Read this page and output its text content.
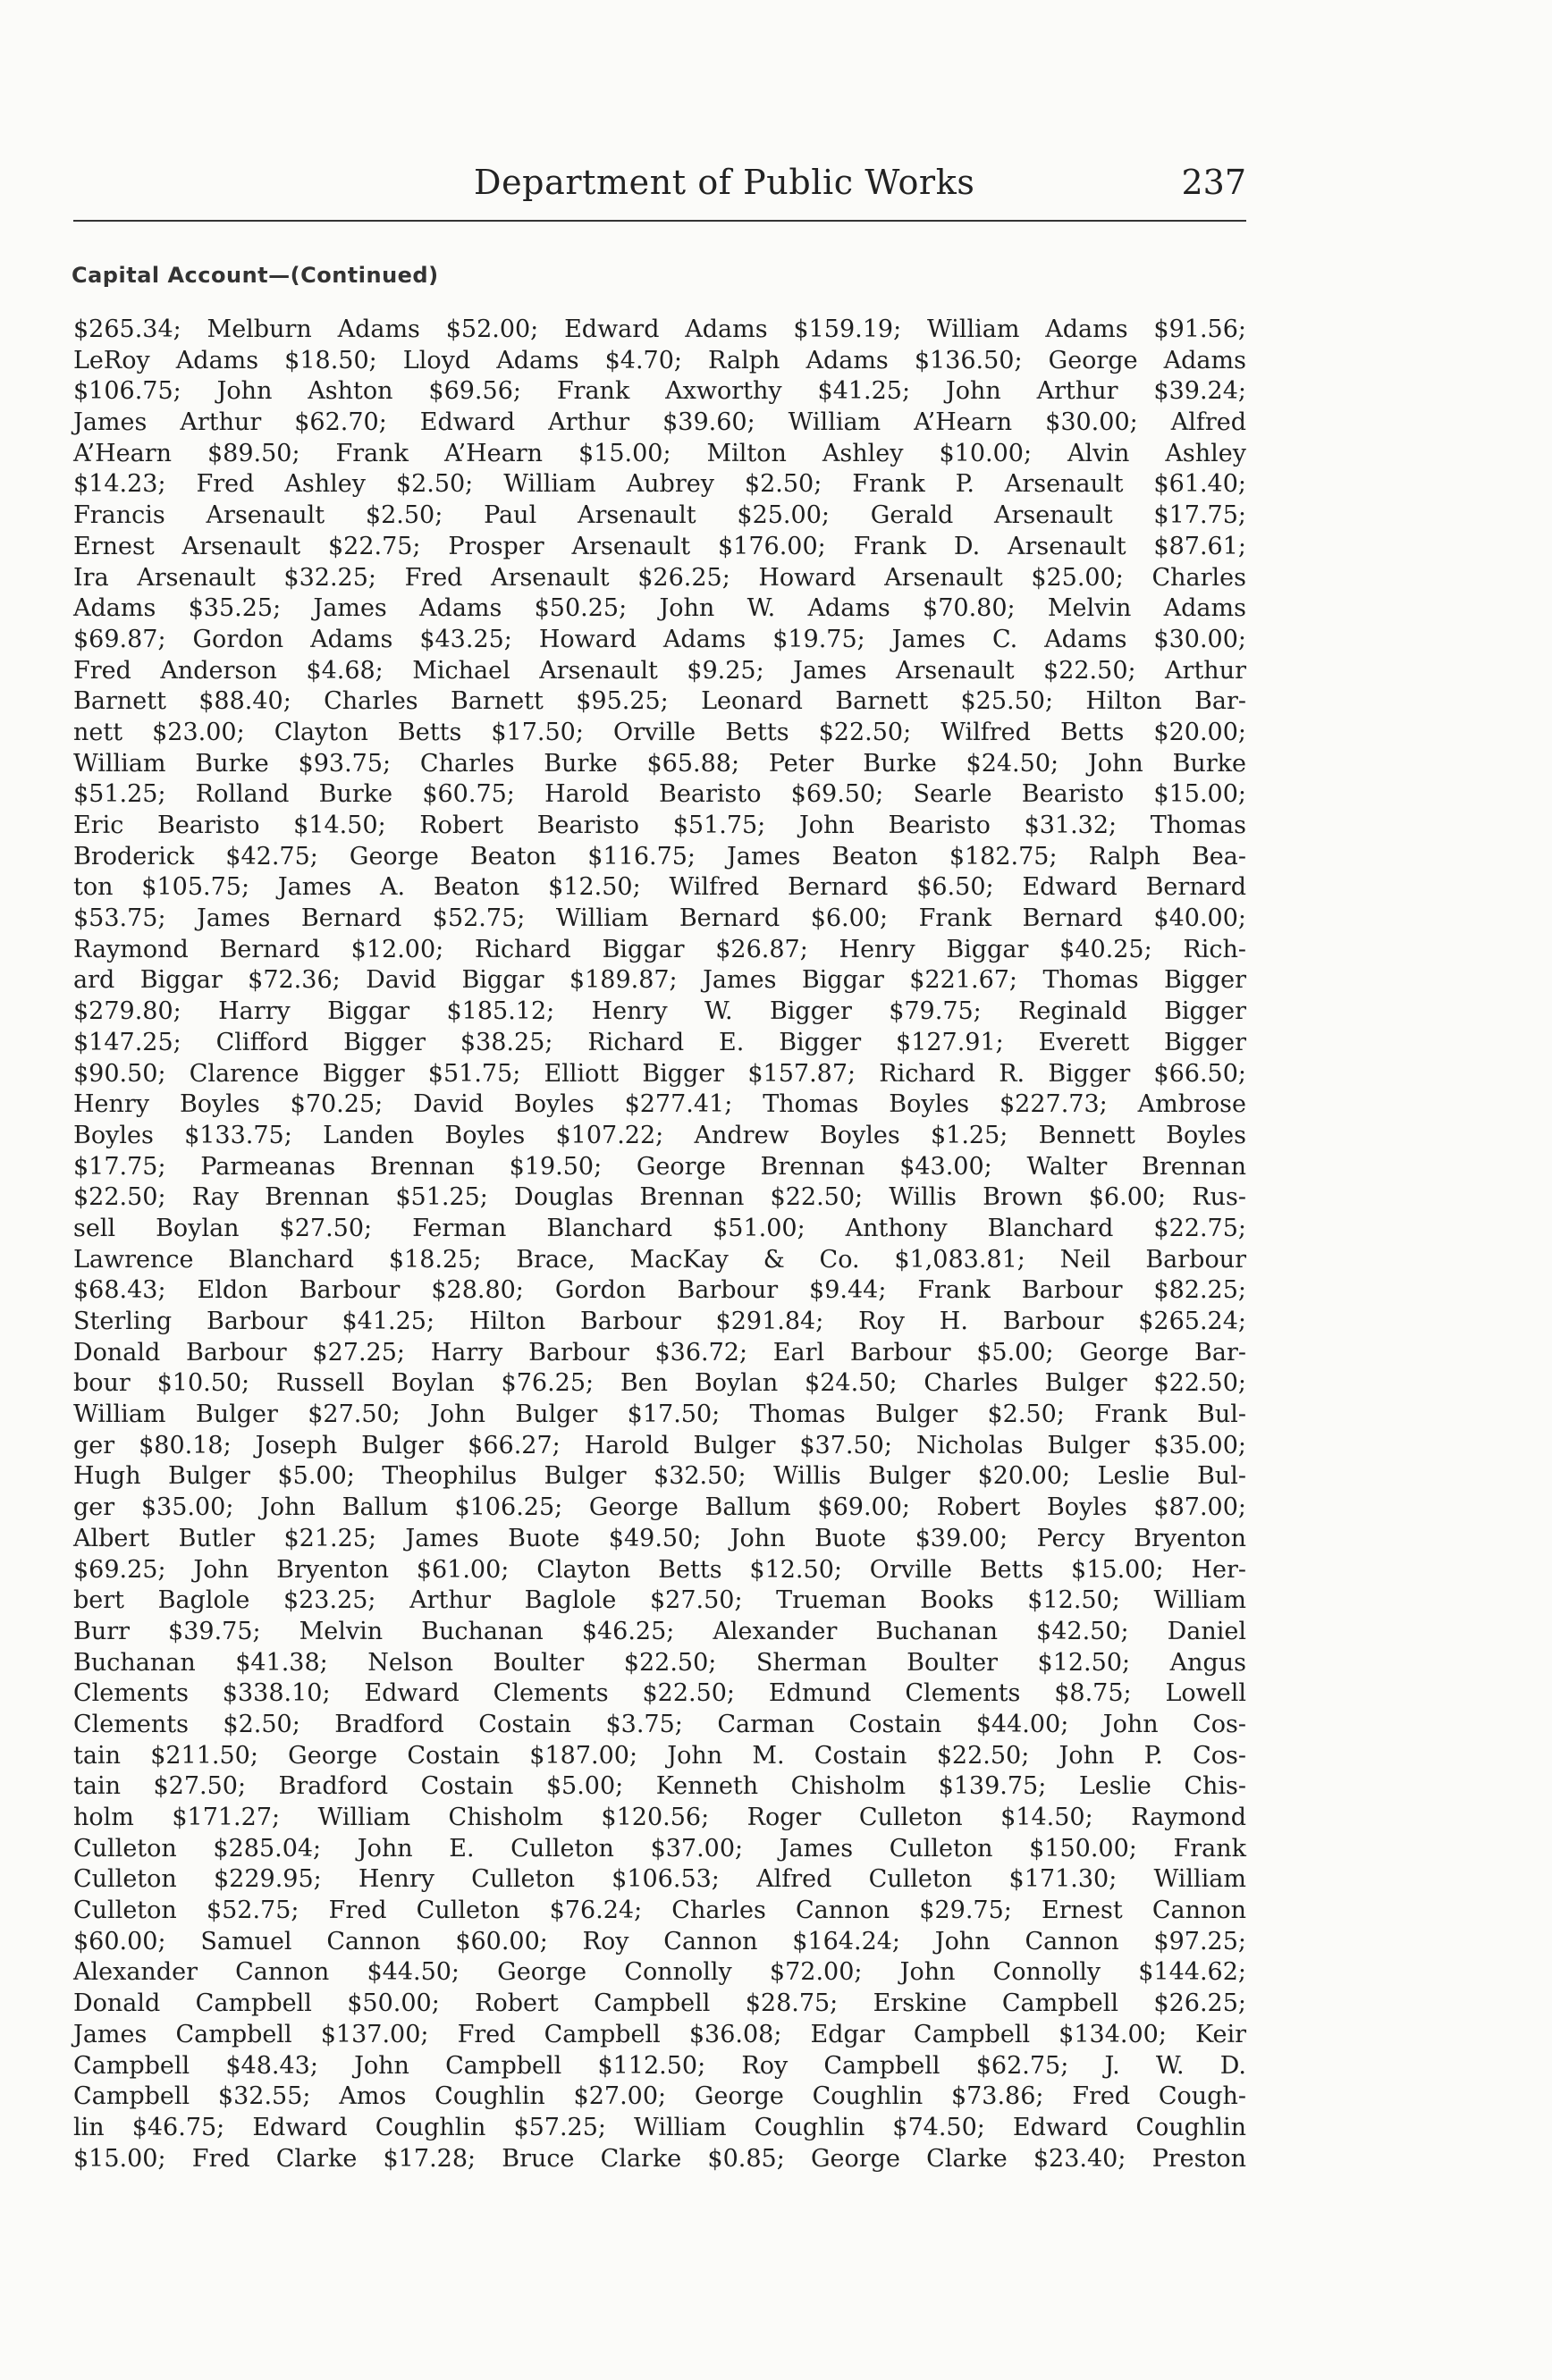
Department of Public Works	237
Capital Account—(Continued)
$265.34; Melburn Adams $52.00; Edward Adams $159.19; William Adams $91.56;
LeRoy Adams $18.50; Lloyd Adams $4.70; Ralph Adams $136.50; George Adams
$106.75; John Ashton $69.56; Frank Axworthy $41.25; John Arthur $39.24;
James Arthur $62.70; Edward Arthur $39.60; William A’Hearn $30.00; Alfred
A’Hearn $89.50; Frank A’Hearn $15.00; Milton Ashley $10.00; Alvin Ashley
$14.23; Fred Ashley $2.50; William Aubrey $2.50; Frank P. Arsenault $61.40;
Francis Arsenault $2.50; Paul Arsenault $25.00; Gerald Arsenault $17.75;
Ernest Arsenault $22.75; Prosper Arsenault $176.00; Frank D. Arsenault $87.61;
Ira Arsenault $32.25; Fred Arsenault $26.25; Howard Arsenault $25.00; Charles
Adams $35.25; James Adams $50.25; John W. Adams $70.80; Melvin Adams
$69.87; Gordon Adams $43.25; Howard Adams $19.75; James C. Adams $30.00;
Fred Anderson $4.68; Michael Arsenault $9.25; James Arsenault $22.50; Arthur
Barnett $88.40; Charles Barnett $95.25; Leonard Barnett $25.50; Hilton Bar-
nett $23.00; Clayton Betts $17.50; Orville Betts $22.50; Wilfred Betts $20.00;
William Burke $93.75; Charles Burke $65.88; Peter Burke $24.50; John Burke
$51.25; Rolland Burke $60.75; Harold Bearisto $69.50; Searle Bearisto $15.00;
Eric Bearisto $14.50; Robert Bearisto $51.75; John Bearisto $31.32; Thomas
Broderick $42.75; George Beaton $116.75; James Beaton $182.75; Ralph Bea-
ton $105.75; James A. Beaton $12.50; Wilfred Bernard $6.50; Edward Bernard
$53.75; James Bernard $52.75; William Bernard $6.00; Frank Bernard $40.00;
Raymond Bernard $12.00; Richard Biggar $26.87; Henry Biggar $40.25; Rich-
ard Biggar $72.36; David Biggar $189.87; James Biggar $221.67; Thomas Bigger
$279.80; Harry Biggar $185.12; Henry W. Bigger $79.75; Reginald Bigger
$147.25; Clifford Bigger $38.25; Richard E. Bigger $127.91; Everett Bigger
$90.50; Clarence Bigger $51.75; Elliott Bigger $157.87; Richard R. Bigger $66.50;
Henry Boyles $70.25; David Boyles $277.41; Thomas Boyles $227.73; Ambrose
Boyles $133.75; Landen Boyles $107.22; Andrew Boyles $1.25; Bennett Boyles
$17.75; Parmeanas Brennan $19.50; George Brennan $43.00; Walter Brennan
$22.50; Ray Brennan $51.25; Douglas Brennan $22.50; Willis Brown $6.00; Rus-
sell Boylan $27.50; Ferman Blanchard $51.00; Anthony Blanchard $22.75;
Lawrence Blanchard $18.25; Brace, MacKay & Co. $1,083.81; Neil Barbour
$68.43; Eldon Barbour $28.80; Gordon Barbour $9.44; Frank Barbour $82.25;
Sterling Barbour $41.25; Hilton Barbour $291.84; Roy H. Barbour $265.24;
Donald Barbour $27.25; Harry Barbour $36.72; Earl Barbour $5.00; George Bar-
bour $10.50; Russell Boylan $76.25; Ben Boylan $24.50; Charles Bulger $22.50;
William Bulger $27.50; John Bulger $17.50; Thomas Bulger $2.50; Frank Bul-
ger $80.18; Joseph Bulger $66.27; Harold Bulger $37.50; Nicholas Bulger $35.00;
Hugh Bulger $5.00; Theophilus Bulger $32.50; Willis Bulger $20.00; Leslie Bul-
ger $35.00; John Ballum $106.25; George Ballum $69.00; Robert Boyles $87.00;
Albert Butler $21.25; James Buote $49.50; John Buote $39.00; Percy Bryenton
$69.25; John Bryenton $61.00; Clayton Betts $12.50; Orville Betts $15.00; Her-
bert Baglole $23.25; Arthur Baglole $27.50; Trueman Books $12.50; William
Burr $39.75; Melvin Buchanan $46.25; Alexander Buchanan $42.50; Daniel
Buchanan $41.38; Nelson Boulter $22.50; Sherman Boulter $12.50; Angus
Clements $338.10; Edward Clements $22.50; Edmund Clements $8.75; Lowell
Clements $2.50; Bradford Costain $3.75; Carman Costain $44.00; John Cos-
tain $211.50; George Costain $187.00; John M. Costain $22.50; John P. Cos-
tain $27.50; Bradford Costain $5.00; Kenneth Chisholm $139.75; Leslie Chis-
holm $171.27; William Chisholm $120.56; Roger Culleton $14.50; Raymond
Culleton $285.04; John E. Culleton $37.00; James Culleton $150.00; Frank
Culleton $229.95; Henry Culleton $106.53; Alfred Culleton $171.30; William
Culleton $52.75; Fred Culleton $76.24; Charles Cannon $29.75; Ernest Cannon
$60.00; Samuel Cannon $60.00; Roy Cannon $164.24; John Cannon $97.25;
Alexander Cannon $44.50; George Connolly $72.00; John Connolly $144.62;
Donald Campbell $50.00; Robert Campbell $28.75; Erskine Campbell $26.25;
James Campbell $137.00; Fred Campbell $36.08; Edgar Campbell $134.00; Keir
Campbell $48.43; John Campbell $112.50; Roy Campbell $62.75; J. W. D.
Campbell $32.55; Amos Coughlin $27.00; George Coughlin $73.86; Fred Cough-
lin $46.75; Edward Coughlin $57.25; William Coughlin $74.50; Edward Coughlin
$15.00; Fred Clarke $17.28; Bruce Clarke $0.85; George Clarke $23.40; Preston
